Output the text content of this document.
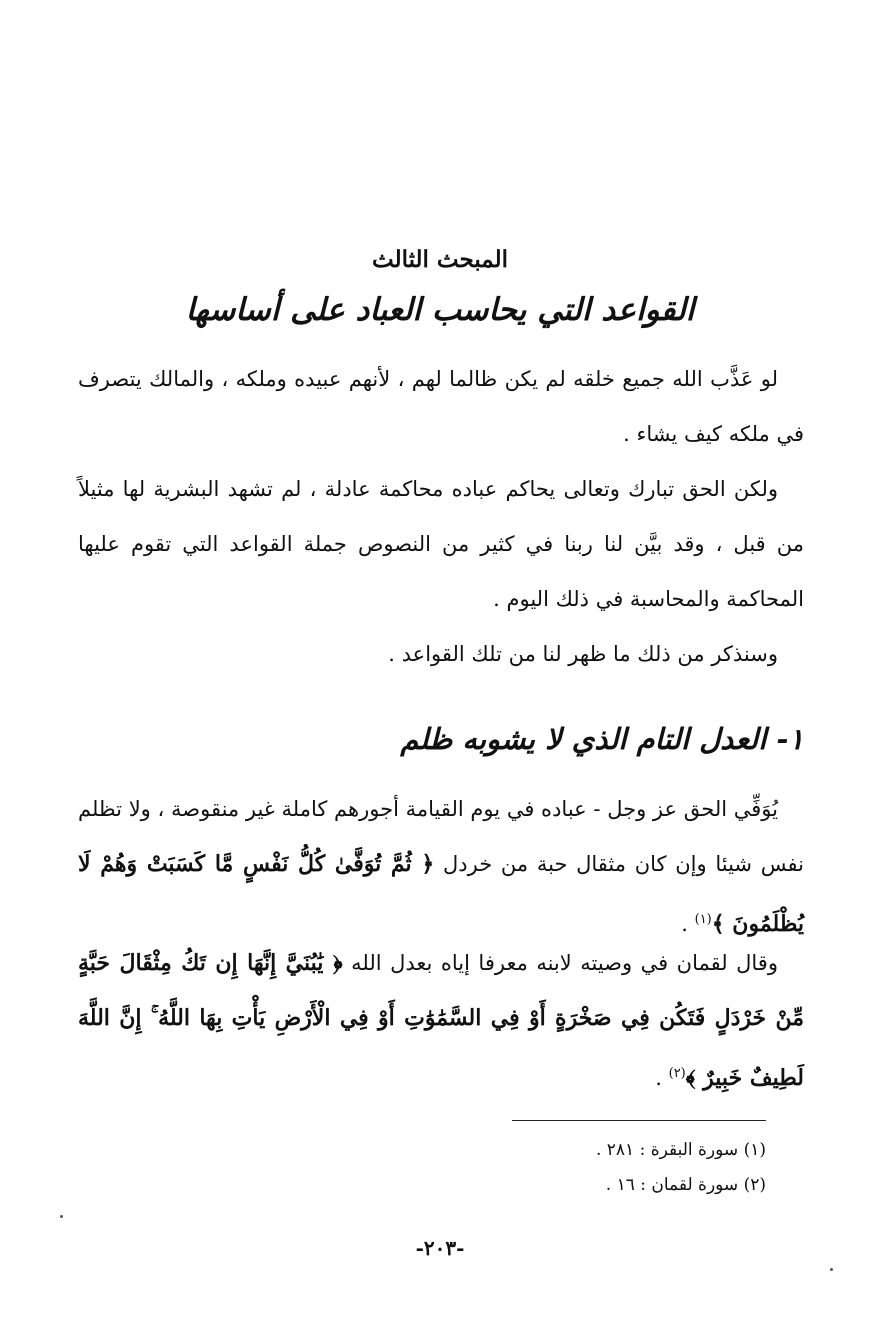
المبحث الثالث
القواعد التي يحاسب العباد على أساسها

لو عَذَّب الله جميع خلقه لم يكن ظالما لهم ، لأنهم عبيده وملكه ، والمالك يتصرف في ملكه كيف يشاء .

ولكن الحق تبارك وتعالى يحاكم عباده محاكمة عادلة ، لم تشهد البشرية لها مثيلاً من قبل ، وقد بيَّن لنا ربنا في كثير من النصوص جملة القواعد التي تقوم عليها المحاكمة والمحاسبة في ذلك اليوم .

وسنذكر من ذلك ما ظهر لنا من تلك القواعد .

١- العدل التام الذي لا يشوبه ظلم

يُوَفِّي الحق عز وجل - عباده في يوم القيامة أجورهم كاملة غير منقوصة ، ولا تظلم نفس شيئا وإن كان مثقال حبة من خردل ﴿ ثُمَّ تُوَفَّىٰ كُلُّ نَفْسٍ مَّا كَسَبَتْ وَهُمْ لَا يُظْلَمُونَ ﴾$^{(١)}$ .

وقال لقمان في وصيته لابنه معرفا إياه بعدل الله ﴿ يَٰبُنَيَّ إِنَّهَا إِن تَكُ مِثْقَالَ حَبَّةٍ مِّنْ خَرْدَلٍ فَتَكُن فِي صَخْرَةٍ أَوْ فِي السَّمَٰوَٰتِ أَوْ فِي الْأَرْضِ يَأْتِ بِهَا اللَّهُ ۚ إِنَّ اللَّهَ لَطِيفٌ خَبِيرٌ ﴾$^{(٢)}$ .

(١) سورة البقرة : ٢٨١ .
(٢) سورة لقمان : ١٦ .
-٢٠٣-
